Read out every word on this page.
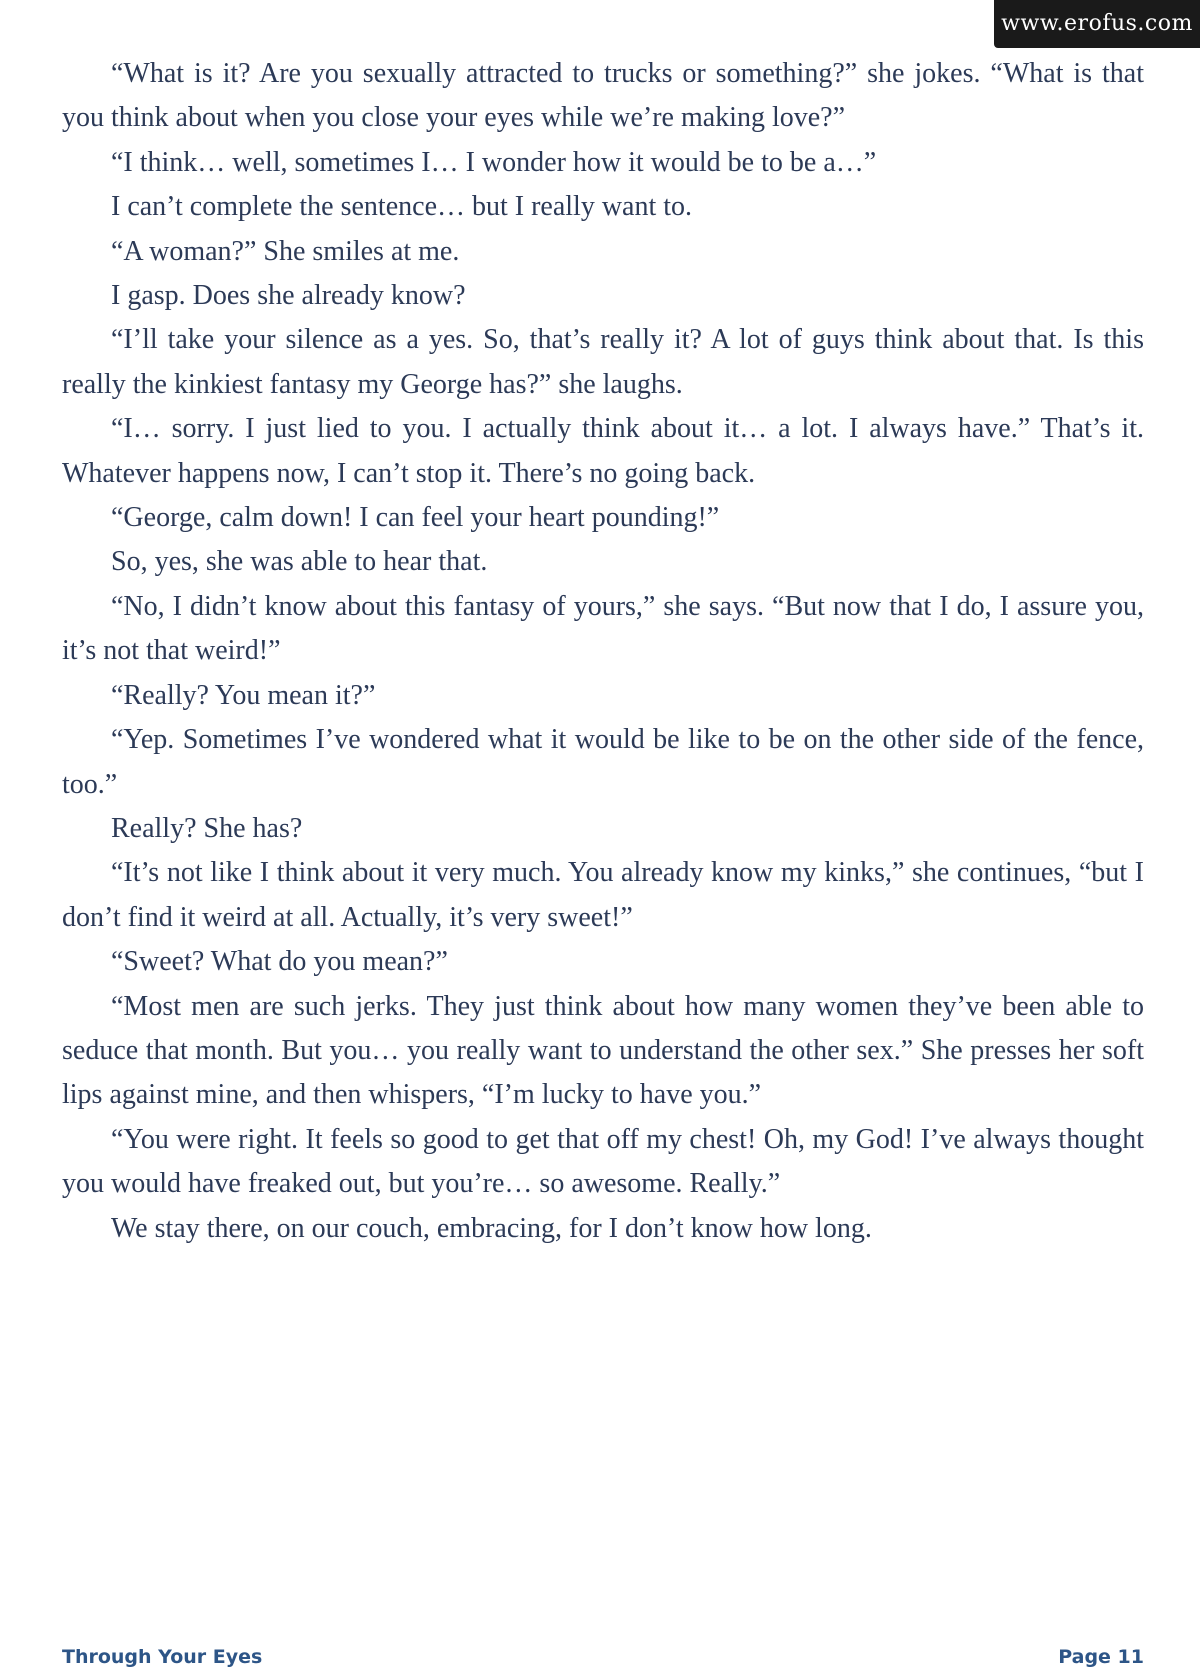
www.erofus.com

“What is it? Are you sexually attracted to trucks or something?” she jokes. “What is that you think about when you close your eyes while we’re making love?”

“I think… well, sometimes I… I wonder how it would be to be a…”

I can’t complete the sentence… but I really want to.

“A woman?” She smiles at me.

I gasp. Does she already know?

“I’ll take your silence as a yes. So, that’s really it? A lot of guys think about that. Is this really the kinkiest fantasy my George has?” she laughs.

“I… sorry. I just lied to you. I actually think about it… a lot. I always have.” That’s it. Whatever happens now, I can’t stop it. There’s no going back.

“George, calm down! I can feel your heart pounding!”

So, yes, she was able to hear that.

“No, I didn’t know about this fantasy of yours,” she says. “But now that I do, I assure you, it’s not that weird!”

“Really? You mean it?”

“Yep. Sometimes I’ve wondered what it would be like to be on the other side of the fence, too.”

Really? She has?

“It’s not like I think about it very much. You already know my kinks,” she continues, “but I don’t find it weird at all. Actually, it’s very sweet!”

“Sweet? What do you mean?”

“Most men are such jerks. They just think about how many women they’ve been able to seduce that month. But you… you really want to understand the other sex.” She presses her soft lips against mine, and then whispers, “I’m lucky to have you.”

“You were right. It feels so good to get that off my chest! Oh, my God! I’ve always thought you would have freaked out, but you’re… so awesome. Really.”

We stay there, on our couch, embracing, for I don’t know how long.

Through Your Eyes	Page 11
